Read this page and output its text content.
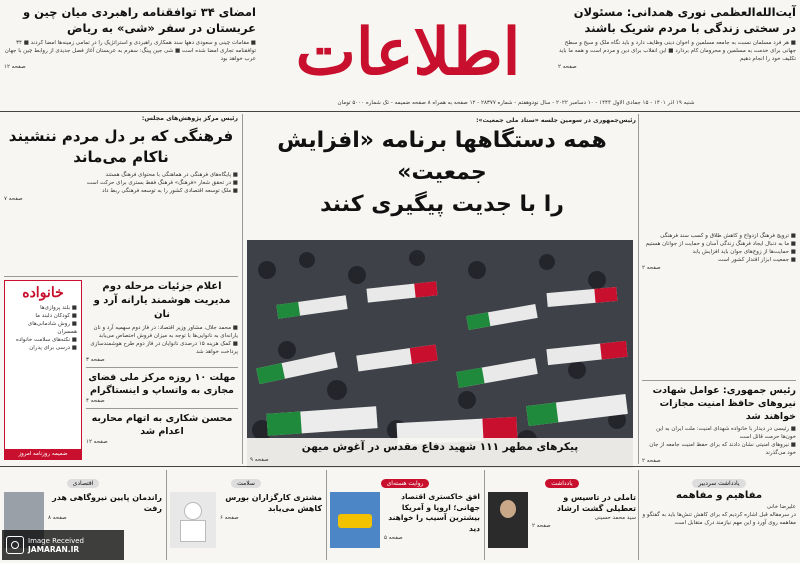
اطلاعات
شنبه ۱۹ آذر ۱۴۰۱ - ۱۵ جمادی الاول ۱۴۴۴ - ۱۰ دسامبر ۲۰۲۲ - سال نودوهفتم - شماره ۲۸۳۷۷ - ۱۲ صفحه به همراه ۸ صفحه ضمیمه - تک شماره ۵۰۰۰ تومان
آیت‌الله‌العظمی نوری همدانی: مسئولان در سختی زندگی با مردم شریک باشند
■ هر فرد مسلمان نسبت به جامعه مسلمین و اخوان دینی وظایف دارد و باید نگاه ملک و سیح و سطح جهانی برای خدمت به مسلمین و محرومان کام بردارد ■ این انقلاب برای دین و مردم است و همه ما باید تکلیف خود را انجام دهیم
صفحه ۲
امضای ۳۴ توافقنامه راهبردی میان چین و عربستان در سفر «شی» به ریاض
■ مقامات چینی و سعودی دهها سند همکاری راهبردی و استراتژیک را در تمامی زمینه‌ها امضا کردند ■ ۳۴ توافقنامه تجاری امضا شده است ■ شی جین پینگ: سفرم به عربستان آغاز فصل جدیدی از روابط چین با جهان عرب خواهد بود
صفحه ۱۲
رئیس‌جمهوری در سومین جلسه «ستاد ملی جمعیت»:
همه دستگاهها برنامه «افزایش جمعیت»
را با جدیت پیگیری کنند
پیکرهای مطهر ۱۱۱ شهید دفاع مقدس در آغوش میهن
صفحه ۹
■ ترویج فرهنگ ازدواج و کاهش طلاق و کسب سند فرهنگی
■ ما به دنبال ایجاد فرهنگ زندگی آسان و حمایت از جوانان هستیم
■ حمایت‌ها از زوج‌های جوان باید افزایش یابد
■ جمعیت ابزار اقتدار کشور است
صفحه ۲
رئیس جمهوری: عوامل شهادت نیروهای حافظ امنیت مجازات خواهند شد
■ رئیسی در دیدار با خانواده شهدای امنیت: ملت ایران به این خون‌ها حرمت قائل است
■ نیروهای امنیتی نشان دادند که برای حفظ امنیت جامعه از جان خود می‌گذرند
صفحه ۲
رئیس مرکز پژوهش‌های مجلس:
فرهنگی که بر دل مردم ننشیند ناکام می‌ماند
■ پایگاه‌های فرهنگی در هماهنگی با محتوای فرهنگ هستند
■ در تحقق شعار «فرهنگ» فرهنگ فقط بستری برای حرکت است
■ ملک توسعه اقتصادی کشور را به توسعه فرهنگی ربط داد
صفحه ۷
خانواده
■ بلند پروازی‌ها
■ کودکان دلبند ما
■ روش شادمانی‌های همسران
■ نکته‌های سلامت خانواده
■ درسی برای پدران
ضمیمه روزنامه امروز
اعلام جزئیات مرحله دوم مدیریت هوشمند یارانه آرد و نان
■ محمد جلال، مشاور وزیر اقتصاد: در فاز دوم سهمیه آرد و نان یارانه‌ای به نانوایی‌ها با توجه به میزان فروش اختصاص می‌یابد
■ کمک هزینه ۱۵ درصدی نانوایان در فاز دوم طرح هوشمندسازی پرداخت خواهد شد
صفحه ۳
مهلت ۱۰ روزه مرکز ملی فضای مجازی به واتساپ و اینستاگرام
صفحه ۴
محسن شکاری به اتهام محاربه اعدام شد
صفحه ۱۲
یادداشت سردبیر
مفاهیم و مفاهمه
علیرضا خانی
در سرمقاله قبل اشاره کردیم که برای کاهش تنش‌ها باید به گفتگو و مفاهمه روی آورد و این مهم نیازمند درک متقابل است
یادداشت
تاملی در تاسیس و تعطیلی گشت ارشاد
سید محمد حسینی
صفحه ۲
روایت هسته‌ای
افق خاکستری اقتصاد جهانی؛ اروپا و آمریکا بیشترین آسیب را خواهند دید
صفحه ۵
سلامت
مشتری کارگزاران بورس کاهش می‌یابد
صفحه ۶
اقتصادی
راندمان پایین نیروگاهی هدر رفت
صفحه ۸
Image Received
JAMARAN.IR
